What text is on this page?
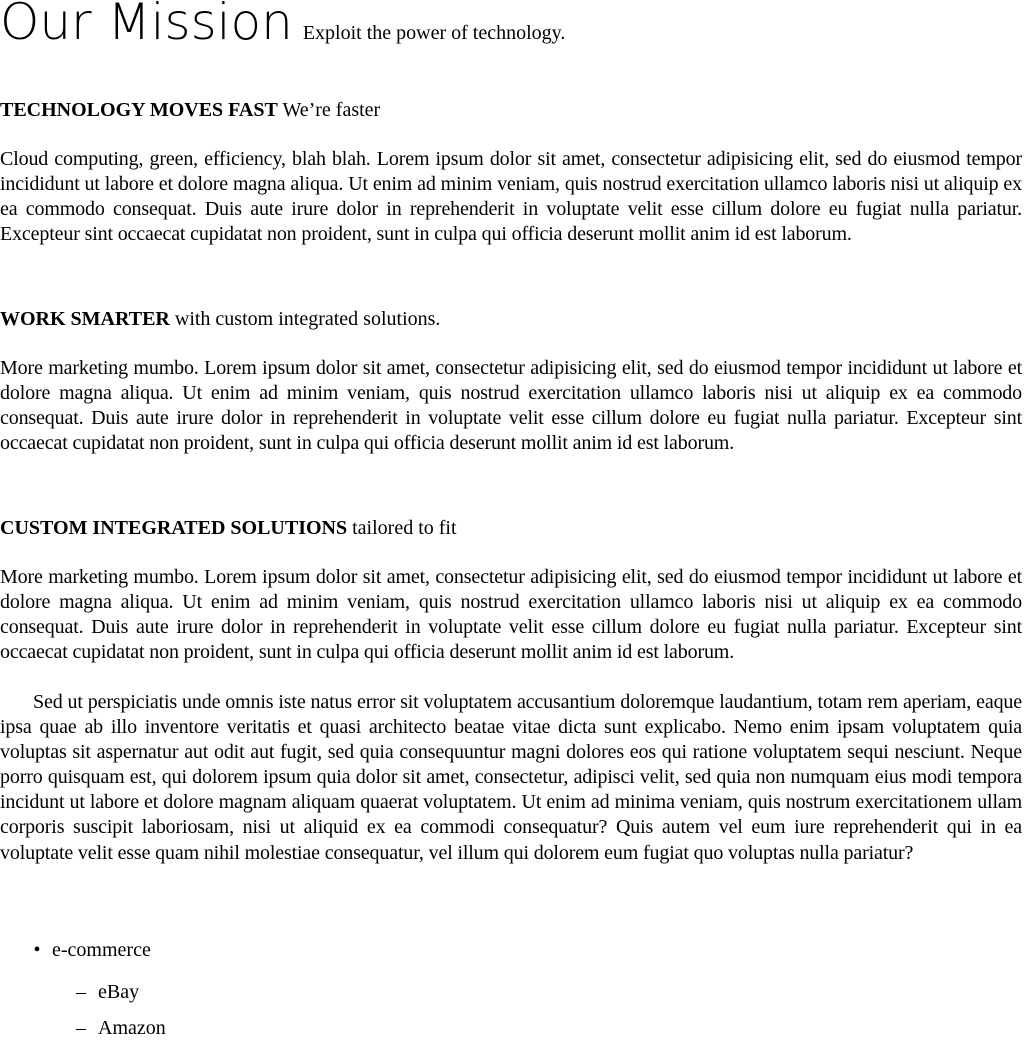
Our Mission Exploit the power of technology.
TECHNOLOGY MOVES FAST We’re faster

Cloud computing, green, efficiency, blah blah. Lorem ipsum dolor sit amet, consectetur adipisicing elit, sed do eiusmod tempor incididunt ut labore et dolore magna aliqua. Ut enim ad minim veniam, quis nostrud exercitation ullamco laboris nisi ut aliquip ex ea commodo consequat. Duis aute irure dolor in reprehenderit in voluptate velit esse cillum dolore eu fugiat nulla pariatur. Excepteur sint occaecat cupidatat non proident, sunt in culpa qui officia deserunt mollit anim id est laborum.

WORK SMARTER with custom integrated solutions.

More marketing mumbo. Lorem ipsum dolor sit amet, consectetur adipisicing elit, sed do eiusmod tempor incididunt ut labore et dolore magna aliqua. Ut enim ad minim veniam, quis nostrud exercitation ullamco laboris nisi ut aliquip ex ea commodo consequat. Duis aute irure dolor in reprehenderit in voluptate velit esse cillum dolore eu fugiat nulla pariatur. Excepteur sint occaecat cupidatat non proident, sunt in culpa qui officia deserunt mollit anim id est laborum.

CUSTOM INTEGRATED SOLUTIONS tailored to fit

More marketing mumbo. Lorem ipsum dolor sit amet, consectetur adipisicing elit, sed do eiusmod tempor incididunt ut labore et dolore magna aliqua. Ut enim ad minim veniam, quis nostrud exercitation ullamco laboris nisi ut aliquip ex ea commodo consequat. Duis aute irure dolor in reprehenderit in voluptate velit esse cillum dolore eu fugiat nulla pariatur. Excepteur sint occaecat cupidatat non proident, sunt in culpa qui officia deserunt mollit anim id est laborum.

Sed ut perspiciatis unde omnis iste natus error sit voluptatem accusantium doloremque laudantium, totam rem aperiam, eaque ipsa quae ab illo inventore veritatis et quasi architecto beatae vitae dicta sunt explicabo. Nemo enim ipsam voluptatem quia voluptas sit aspernatur aut odit aut fugit, sed quia consequuntur magni dolores eos qui ratione voluptatem sequi nesciunt. Neque porro quisquam est, qui dolorem ipsum quia dolor sit amet, consectetur, adipisci velit, sed quia non numquam eius modi tempora incidunt ut labore et dolore magnam aliquam quaerat voluptatem. Ut enim ad minima veniam, quis nostrum exercitationem ullam corporis suscipit laboriosam, nisi ut aliquid ex ea commodi consequatur? Quis autem vel eum iure reprehenderit qui in ea voluptate velit esse quam nihil molestiae consequatur, vel illum qui dolorem eum fugiat quo voluptas nulla pariatur?

• e-commerce
– eBay
– Amazon
